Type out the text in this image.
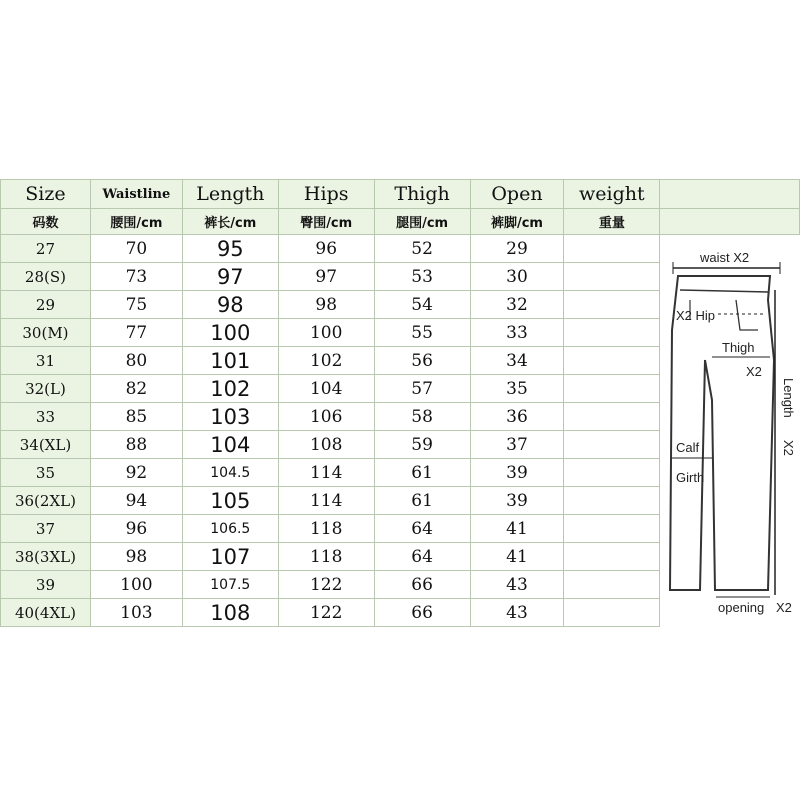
Size	Waistline	Length	Hips	Thigh	Open	weight	
码数	腰围/cm	裤长/cm	臀围/cm	腿围/cm	裤脚/cm	重量	
27	70	95	96	52	29		
28(S)	73	97	97	53	30		
29	75	98	98	54	32		
30(M)	77	100	100	55	33		
31	80	101	102	56	34		
32(L)	82	102	104	57	35		
33	85	103	106	58	36		
34(XL)	88	104	108	59	37		
35	92	104.5	114	61	39		
36(2XL)	94	105	114	61	39		
37	96	106.5	118	64	41		
38(3XL)	98	107	118	64	41		
39	100	107.5	122	66	43		
40(4XL)	103	108	122	66	43		
waist X2
X2 Hip
Thigh
X2
Length
X2
Calf
Girth
opening X2
